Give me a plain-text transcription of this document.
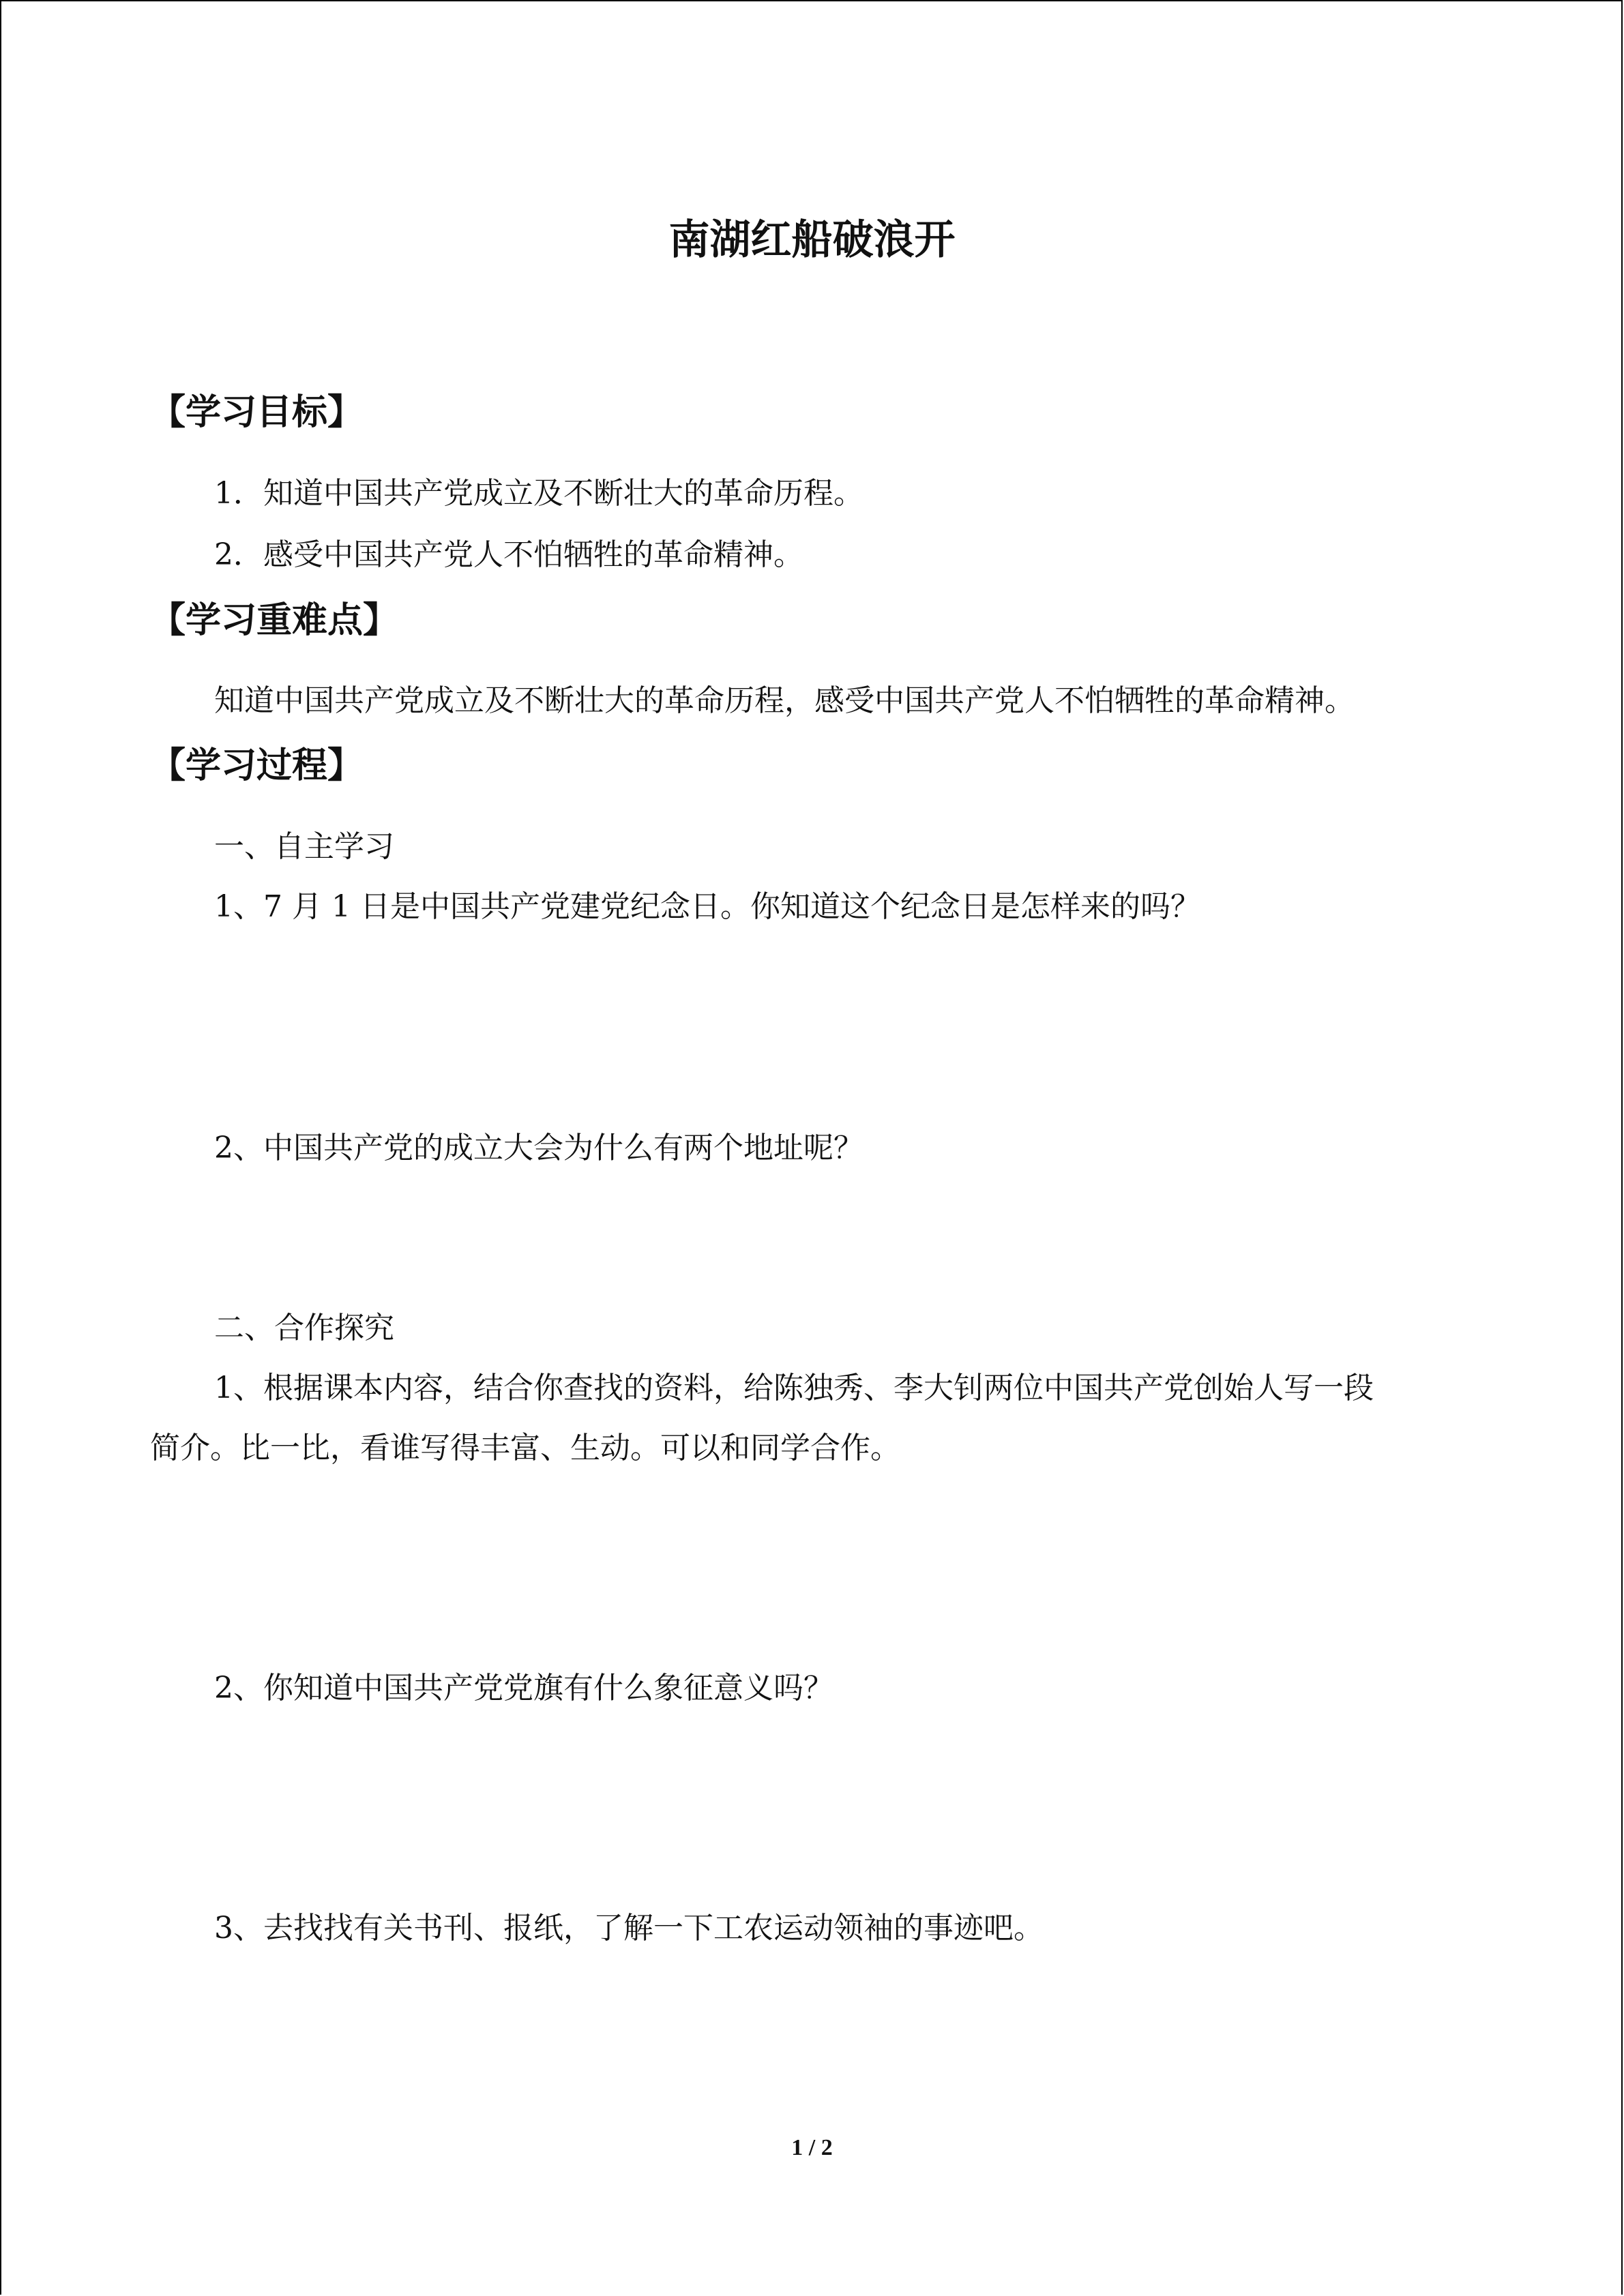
南湖红船破浪开
【学习目标】
1．知道中国共产党成立及不断壮大的革命历程。
2．感受中国共产党人不怕牺牲的革命精神。
【学习重难点】
知道中国共产党成立及不断壮大的革命历程，感受中国共产党人不怕牺牲的革命精神。
【学习过程】
一、自主学习
1、7 月 1 日是中国共产党建党纪念日。你知道这个纪念日是怎样来的吗？
2、中国共产党的成立大会为什么有两个地址呢？
二、合作探究
1、根据课本内容，结合你查找的资料，给陈独秀、李大钊两位中国共产党创始人写一段
简介。比一比，看谁写得丰富、生动。可以和同学合作。
2、你知道中国共产党党旗有什么象征意义吗？
3、去找找有关书刊、报纸，了解一下工农运动领袖的事迹吧。
1 / 2
